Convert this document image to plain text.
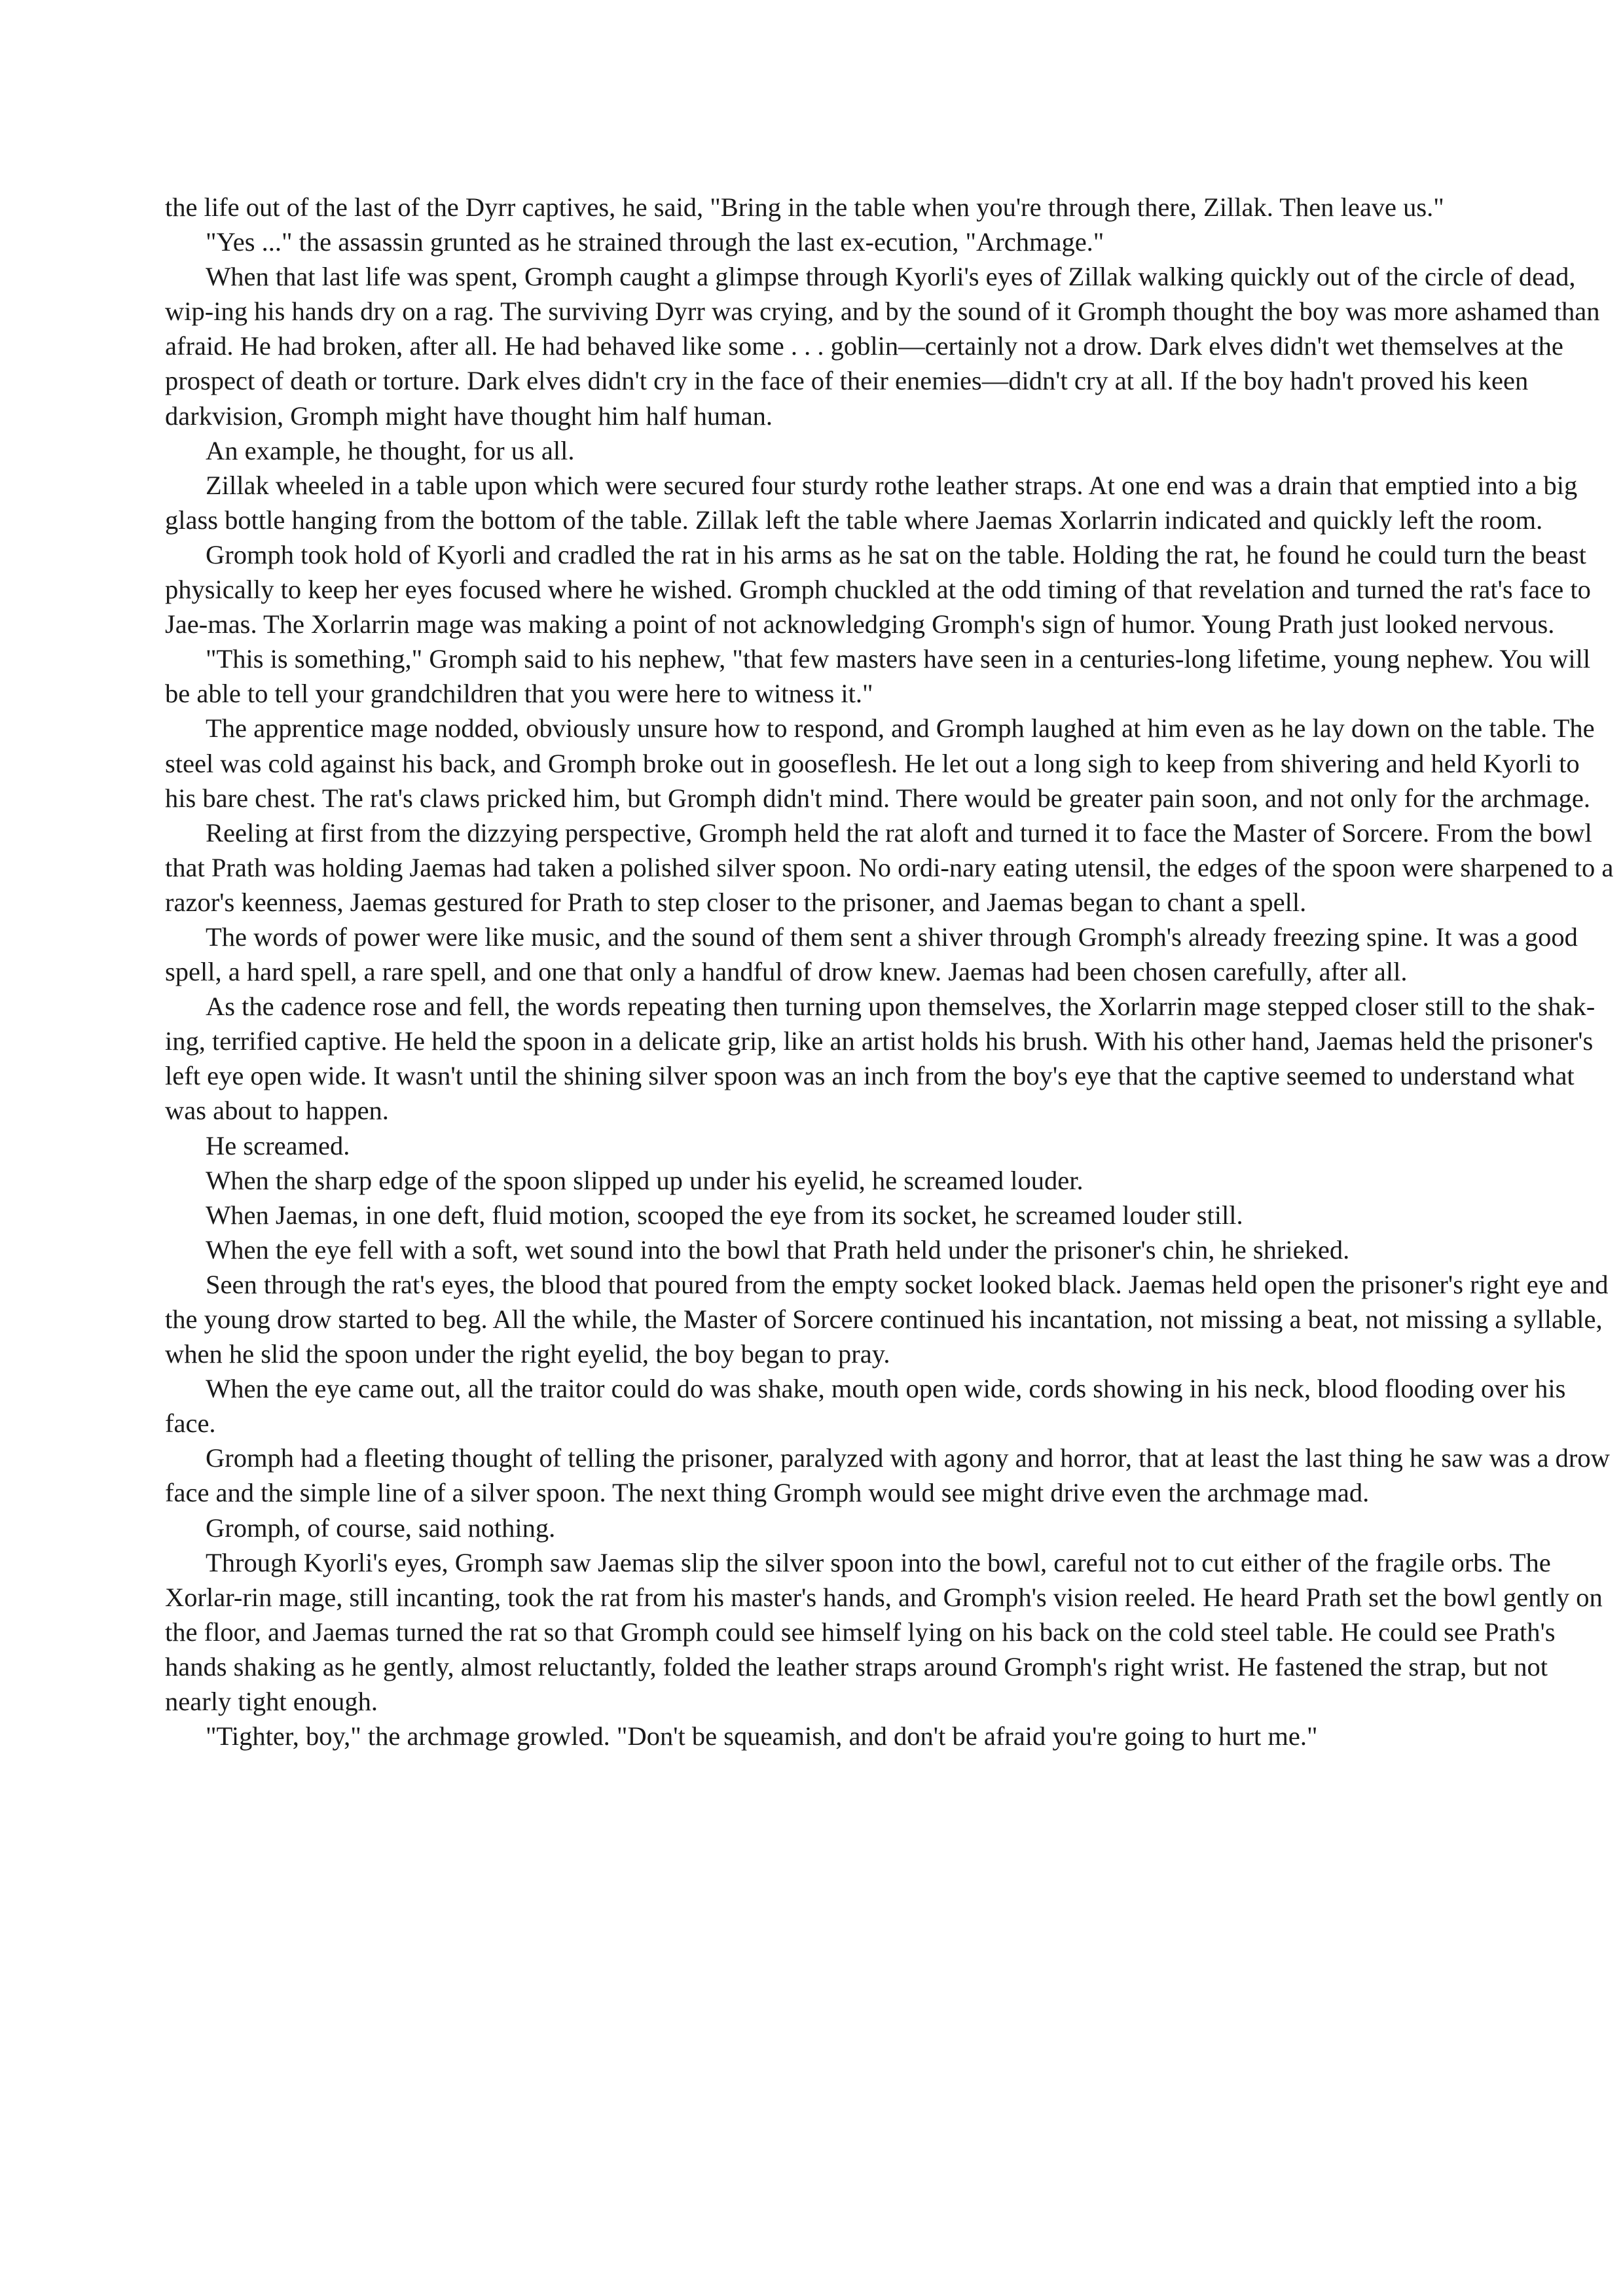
the life out of the last of the Dyrr captives, he said, "Bring in the table when you're through there, Zillak. Then leave us."

"Yes ..." the assassin grunted as he strained through the last ex-ecution, "Archmage."

When that last life was spent, Gromph caught a glimpse through Kyorli's eyes of Zillak walking quickly out of the circle of dead, wip-ing his hands dry on a rag. The surviving Dyrr was crying, and by the sound of it Gromph thought the boy was more ashamed than afraid. He had broken, after all. He had behaved like some . . . goblin—certainly not a drow. Dark elves didn't wet themselves at the prospect of death or torture. Dark elves didn't cry in the face of their enemies—didn't cry at all. If the boy hadn't proved his keen darkvision, Gromph might have thought him half human.

An example, he thought, for us all.

Zillak wheeled in a table upon which were secured four sturdy rothe leather straps. At one end was a drain that emptied into a big glass bottle hanging from the bottom of the table. Zillak left the table where Jaemas Xorlarrin indicated and quickly left the room.

Gromph took hold of Kyorli and cradled the rat in his arms as he sat on the table. Holding the rat, he found he could turn the beast physically to keep her eyes focused where he wished. Gromph chuckled at the odd timing of that revelation and turned the rat's face to Jae-mas. The Xorlarrin mage was making a point of not acknowledging Gromph's sign of humor. Young Prath just looked nervous.

"This is something," Gromph said to his nephew, "that few masters have seen in a centuries-long lifetime, young nephew. You will be able to tell your grandchildren that you were here to witness it."

The apprentice mage nodded, obviously unsure how to respond, and Gromph laughed at him even as he lay down on the table. The steel was cold against his back, and Gromph broke out in gooseflesh. He let out a long sigh to keep from shivering and held Kyorli to his bare chest. The rat's claws pricked him, but Gromph didn't mind. There would be greater pain soon, and not only for the archmage.

Reeling at first from the dizzying perspective, Gromph held the rat aloft and turned it to face the Master of Sorcere. From the bowl that Prath was holding Jaemas had taken a polished silver spoon. No ordi-nary eating utensil, the edges of the spoon were sharpened to a razor's keenness, Jaemas gestured for Prath to step closer to the prisoner, and Jaemas began to chant a spell.

The words of power were like music, and the sound of them sent a shiver through Gromph's already freezing spine. It was a good spell, a hard spell, a rare spell, and one that only a handful of drow knew. Jaemas had been chosen carefully, after all.

As the cadence rose and fell, the words repeating then turning upon themselves, the Xorlarrin mage stepped closer still to the shak-ing, terrified captive. He held the spoon in a delicate grip, like an artist holds his brush. With his other hand, Jaemas held the prisoner's left eye open wide. It wasn't until the shining silver spoon was an inch from the boy's eye that the captive seemed to understand what was about to happen.

He screamed.

When the sharp edge of the spoon slipped up under his eyelid, he screamed louder.

When Jaemas, in one deft, fluid motion, scooped the eye from its socket, he screamed louder still.

When the eye fell with a soft, wet sound into the bowl that Prath held under the prisoner's chin, he shrieked.

Seen through the rat's eyes, the blood that poured from the empty socket looked black. Jaemas held open the prisoner's right eye and the young drow started to beg. All the while, the Master of Sorcere continued his incantation, not missing a beat, not missing a syllable, when he slid the spoon under the right eyelid, the boy began to pray.

When the eye came out, all the traitor could do was shake, mouth open wide, cords showing in his neck, blood flooding over his face.

Gromph had a fleeting thought of telling the prisoner, paralyzed with agony and horror, that at least the last thing he saw was a drow face and the simple line of a silver spoon. The next thing Gromph would see might drive even the archmage mad.

Gromph, of course, said nothing.

Through Kyorli's eyes, Gromph saw Jaemas slip the silver spoon into the bowl, careful not to cut either of the fragile orbs. The Xorlar-rin mage, still incanting, took the rat from his master's hands, and Gromph's vision reeled. He heard Prath set the bowl gently on the floor, and Jaemas turned the rat so that Gromph could see himself lying on his back on the cold steel table. He could see Prath's hands shaking as he gently, almost reluctantly, folded the leather straps around Gromph's right wrist. He fastened the strap, but not nearly tight enough.

"Tighter, boy," the archmage growled. "Don't be squeamish, and don't be afraid you're going to hurt me."
